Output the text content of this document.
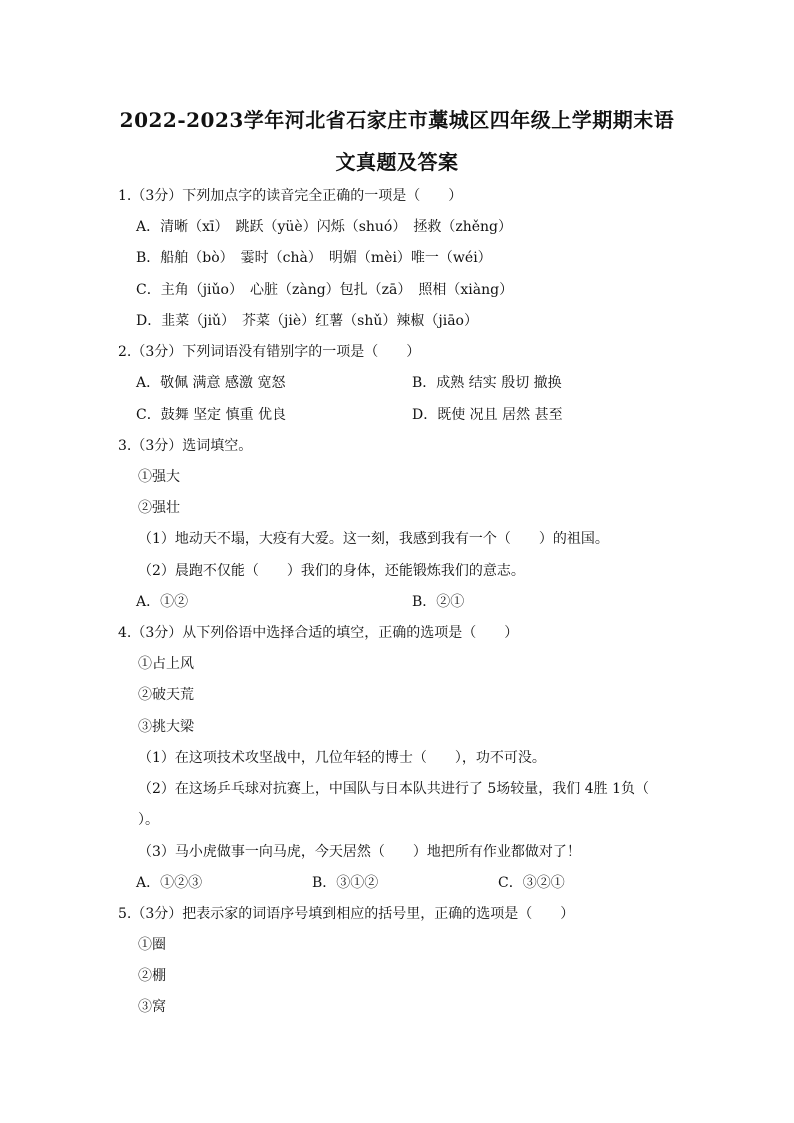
2022-2023学年河北省石家庄市藁城区四年级上学期期末语
文真题及答案
1.（3分）下列加点字的读音完全正确的一项是（　　）
A．清晰（xī）　跳跃（yüè）闪烁（shuó）　拯救（zhěng）
B．船舶（bò）　霎时（chà）　明媚（mèi）唯一（wéi）
C．主角（jiǔo）　心脏（zàng）包扎（zā）　照相（xiàng）
D．韭菜（jiǔ）　芥菜（jiè）红薯（shǔ）辣椒（jiāo）
2.（3分）下列词语没有错别字的一项是（　　）
A．敬佩 满意 感激 宽怒	B．成熟 结实 殷切 撤换
C．鼓舞 坚定 慎重 优良	D．既使 况且 居然 甚至
3.（3分）选词填空。
①强大
②强壮
（1）地动天不塌，大疫有大爱。这一刻，我感到我有一个（　　）的祖国。
（2）晨跑不仅能（　　）我们的身体，还能锻炼我们的意志。
A．①②	B．②①
4.（3分）从下列俗语中选择合适的填空，正确的选项是（　　）
①占上风
②破天荒
③挑大梁
（1）在这项技术攻坚战中，几位年轻的博士（　　），功不可没。
（2）在这场乒乓球对抗赛上，中国队与日本队共进行了 5场较量，我们 4胜 1负（
）。
（3）马小虎做事一向马虎，今天居然（　　）地把所有作业都做对了！
A．①②③	B．③①②	C．③②①
5.（3分）把表示家的词语序号填到相应的括号里，正确的选项是（　　）
①圈
②棚
③窝
